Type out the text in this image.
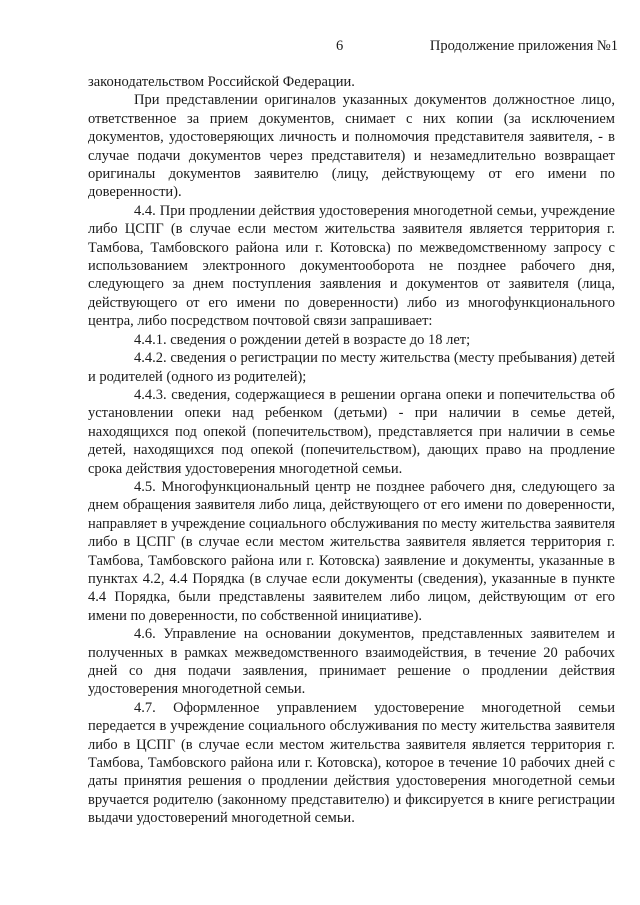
6	Продолжение приложения №1

законодательством Российской Федерации.

При представлении оригиналов указанных документов должностное лицо, ответственное за прием документов, снимает с них копии (за исключением документов, удостоверяющих личность и полномочия представителя заявителя, - в случае подачи документов через представителя) и незамедлительно возвращает оригиналы документов заявителю (лицу, действующему от его имени по доверенности).

4.4. При продлении действия удостоверения многодетной семьи, учреждение либо ЦСПГ (в случае если местом жительства заявителя является территория г. Тамбова, Тамбовского района или г. Котовска) по межведомственному запросу с использованием электронного документооборота не позднее рабочего дня, следующего за днем поступления заявления и документов от заявителя (лица, действующего от его имени по доверенности) либо из многофункционального центра, либо посредством почтовой связи запрашивает:

4.4.1. сведения о рождении детей в возрасте до 18 лет;

4.4.2. сведения о регистрации по месту жительства (месту пребывания) детей и родителей (одного из родителей);

4.4.3. сведения, содержащиеся в решении органа опеки и попечительства об установлении опеки над ребенком (детьми) - при наличии в семье детей, находящихся под опекой (попечительством), представляется при наличии в семье детей, находящихся под опекой (попечительством), дающих право на продление срока действия удостоверения многодетной семьи.

4.5. Многофункциональный центр не позднее рабочего дня, следующего за днем обращения заявителя либо лица, действующего от его имени по доверенности, направляет в учреждение социального обслуживания по месту жительства заявителя либо в ЦСПГ (в случае если местом жительства заявителя является территория г. Тамбова, Тамбовского района или г. Котовска) заявление и документы, указанные в пунктах 4.2, 4.4 Порядка (в случае если документы (сведения), указанные в пункте 4.4 Порядка, были представлены заявителем либо лицом, действующим от его имени по доверенности, по собственной инициативе).

4.6. Управление на основании документов, представленных заявителем и полученных в рамках межведомственного взаимодействия, в течение 20 рабочих дней со дня подачи заявления, принимает решение о продлении действия удостоверения многодетной семьи.

4.7. Оформленное управлением удостоверение многодетной семьи передается в учреждение социального обслуживания по месту жительства заявителя либо в ЦСПГ (в случае если местом жительства заявителя является территория г. Тамбова, Тамбовского района или г. Котовска), которое в течение 10 рабочих дней с даты принятия решения о продлении действия удостоверения многодетной семьи вручается родителю (законному представителю) и фиксируется в книге регистрации выдачи удостоверений многодетной семьи.
